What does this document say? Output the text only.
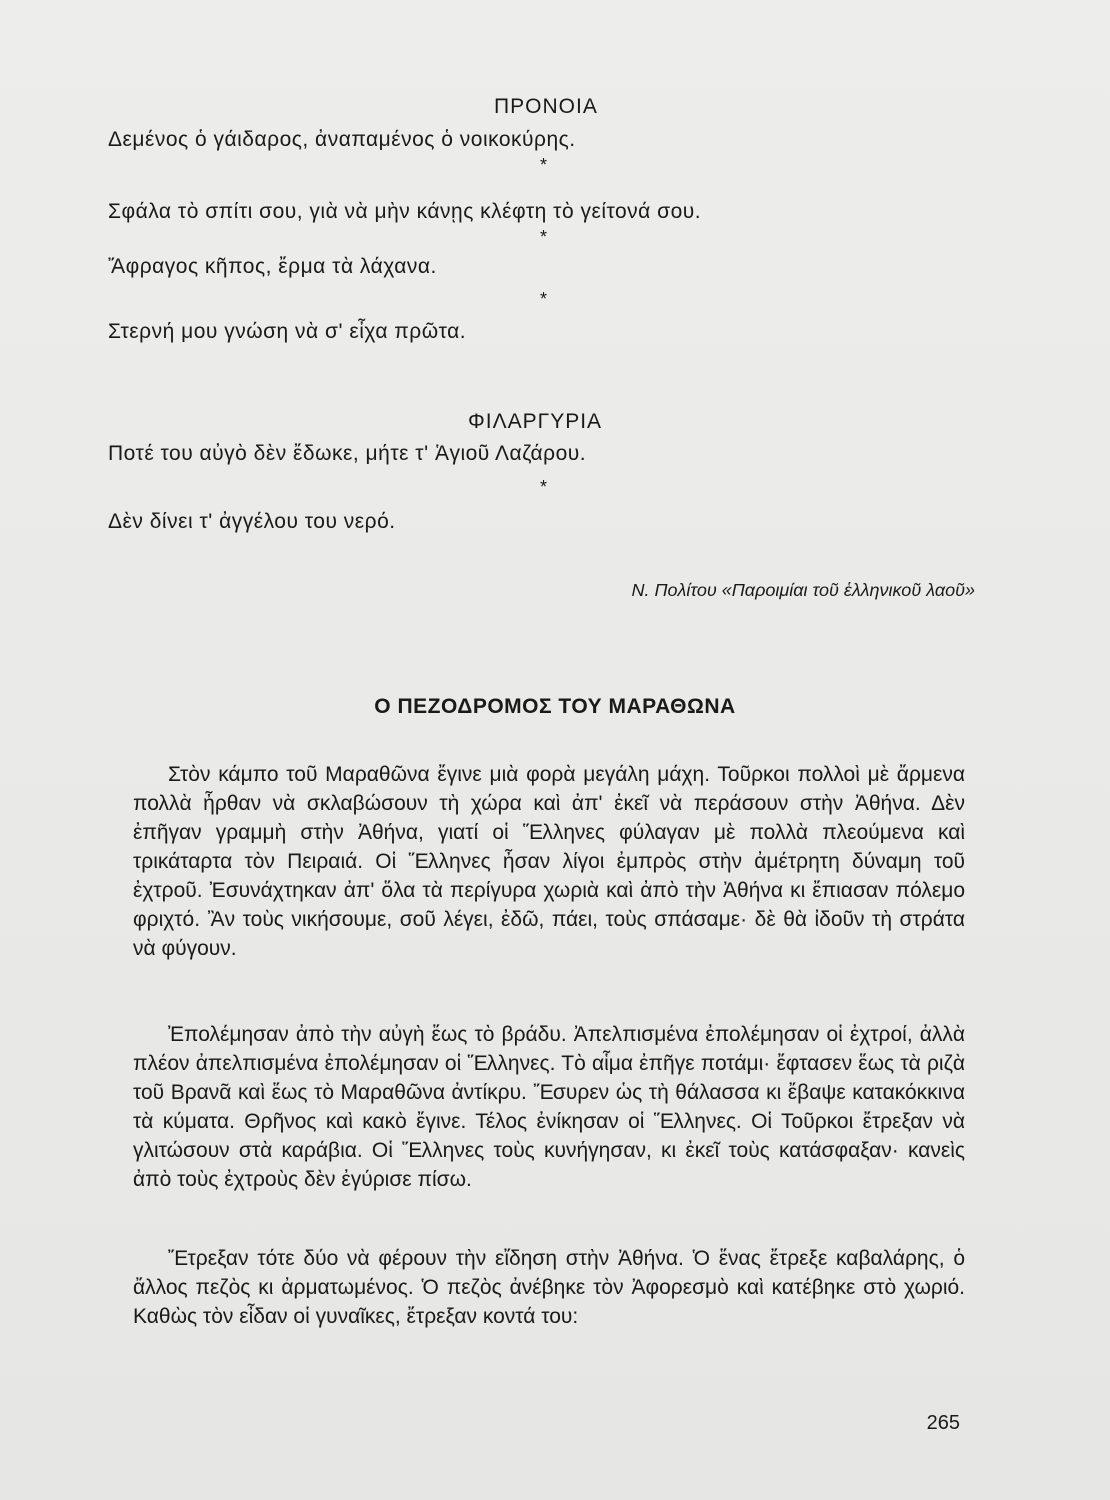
ΠΡΟΝΟΙΑ
Δεμένος ὁ γάιδαρος, ἀναπαμένος ὁ νοικοκύρης.
*
Σφάλα τὸ σπίτι σου, γιὰ νὰ μὴν κάνῃς κλέφτη τὸ γείτονά σου.
*
Ἄφραγος κῆπος, ἔρμα τὰ λάχανα.
*
Στερνή μου γνώση νὰ σ' εἶχα πρῶτα.
ΦΙΛΑΡΓΥΡΙΑ
Ποτέ του αὐγὸ δὲν ἔδωκε, μήτε τ' Ἁγιοῦ Λαζάρου.
*
Δὲν δίνει τ' ἀγγέλου του νερό.
Ν. Πολίτου «Παροιμίαι τοῦ ἑλληνικοῦ λαοῦ»
Ο ΠΕΖΟΔΡΟΜΟΣ ΤΟΥ ΜΑΡΑΘΩΝΑ
Στὸν κάμπο τοῦ Μαραθῶνα ἔγινε μιὰ φορὰ μεγάλη μάχη. Τοῦρκοι πολλοὶ μὲ ἄρμενα πολλὰ ἦρθαν νὰ σκλαβώσουν τὴ χώρα καὶ ἀπ' ἐκεῖ νὰ περάσουν στὴν Ἀθήνα. Δὲν ἐπῆγαν γραμμὴ στὴν Ἀθήνα, γιατί οἱ Ἕλληνες φύλαγαν μὲ πολλὰ πλεούμενα καὶ τρικάταρτα τὸν Πειραιά. Οἱ Ἕλληνες ἦσαν λίγοι ἐμπρὸς στὴν ἀμέτρητη δύναμη τοῦ ἐχτροῦ. Ἐσυνάχτηκαν ἀπ' ὅλα τὰ περίγυρα χωριὰ καὶ ἀπὸ τὴν Ἀθήνα κι ἔπιασαν πόλεμο φριχτό. Ἂν τοὺς νικήσουμε, σοῦ λέγει, ἐδῶ, πάει, τοὺς σπάσαμε· δὲ θὰ ἰδοῦν τὴ στράτα νὰ φύγουν.
Ἐπολέμησαν ἀπὸ τὴν αὐγὴ ἕως τὸ βράδυ. Ἀπελπισμένα ἐπολέμησαν οἱ ἐχτροί, ἀλλὰ πλέον ἀπελπισμένα ἐπολέμησαν οἱ Ἕλληνες. Τὸ αἷμα ἐπῆγε ποτάμι· ἔφτασεν ἕως τὰ ριζὰ τοῦ Βρανᾶ καὶ ἕως τὸ Μαραθῶνα ἀντίκρυ. Ἔσυρεν ὡς τὴ θάλασσα κι ἔβαψε κατακόκκινα τὰ κύματα. Θρῆνος καὶ κακὸ ἔγινε. Τέλος ἐνίκησαν οἱ Ἕλληνες. Οἱ Τοῦρκοι ἔτρεξαν νὰ γλιτώσουν στὰ καράβια. Οἱ Ἕλληνες τοὺς κυνήγησαν, κι ἐκεῖ τοὺς κατάσφαξαν· κανεὶς ἀπὸ τοὺς ἐχτροὺς δὲν ἐγύρισε πίσω.
Ἔτρεξαν τότε δύο νὰ φέρουν τὴν εἴδηση στὴν Ἀθήνα. Ὁ ἕνας ἔτρεξε καβαλάρης, ὁ ἄλλος πεζὸς κι ἀρματωμένος. Ὁ πεζὸς ἀνέβηκε τὸν Ἀφορεσμὸ καὶ κατέβηκε στὸ χωριό. Καθὼς τὸν εἶδαν οἱ γυναῖκες, ἔτρεξαν κοντά του:
265
